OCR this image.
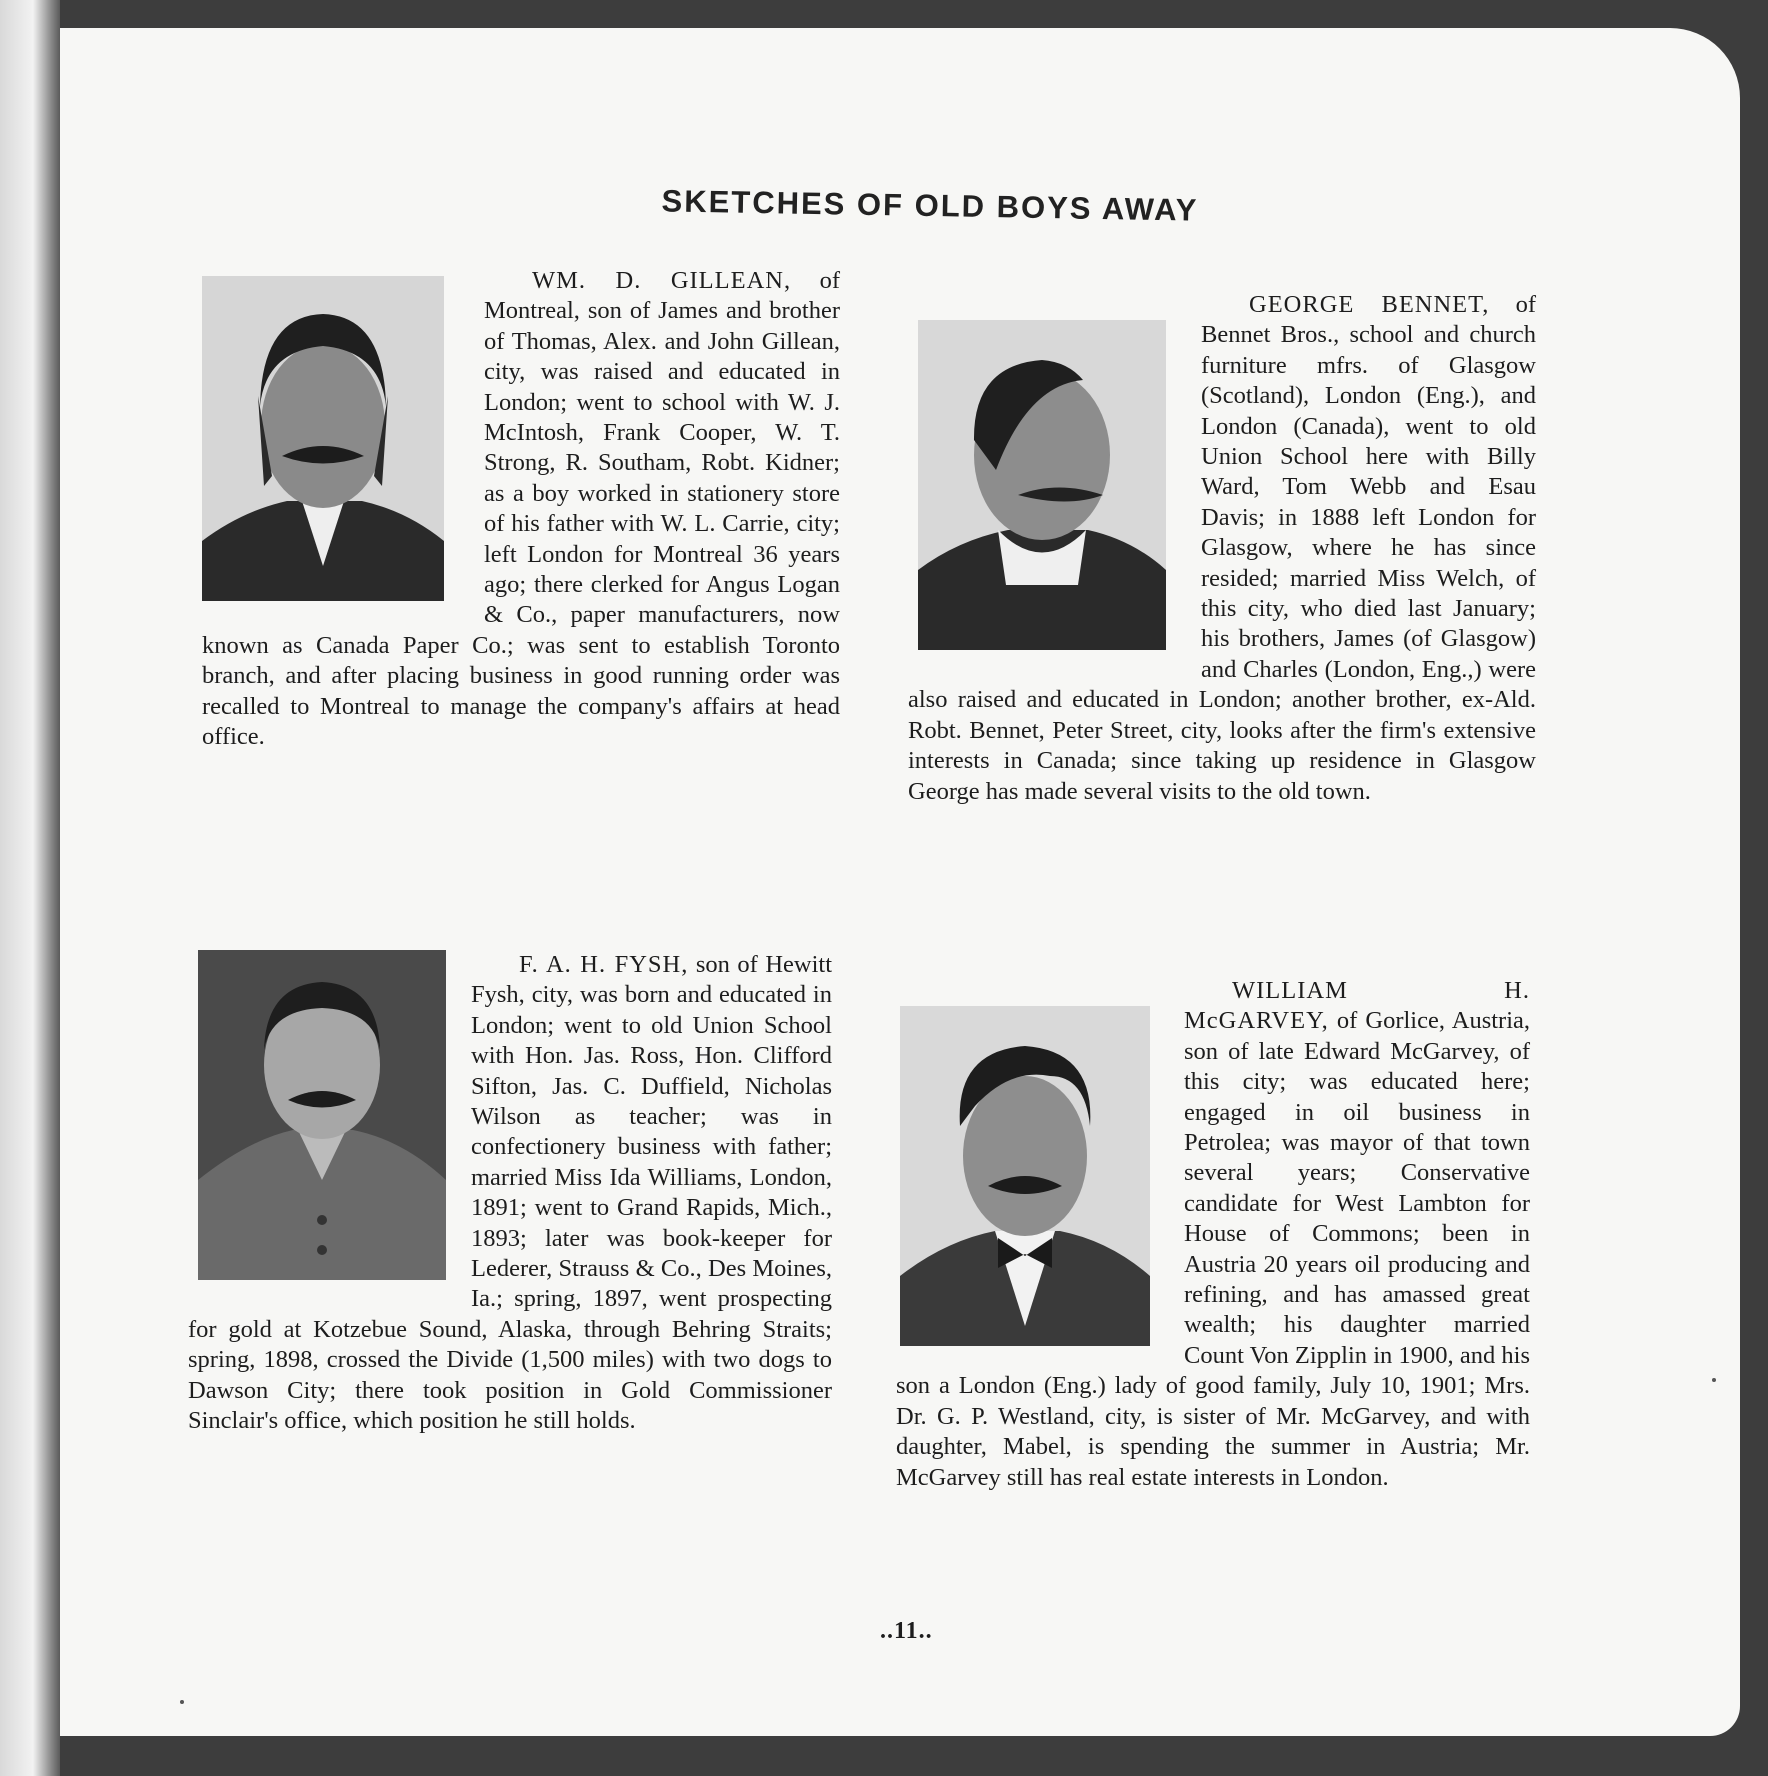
SKETCHES OF OLD BOYS AWAY
WM. D. GILLEAN, of Montreal, son of James and brother of Thomas, Alex. and John Gillean, city, was raised and educated in London; went to school with W. J. McIntosh, Frank Cooper, W. T. Strong, R. Southam, Robt. Kidner; as a boy worked in stationery store of his father with W. L. Carrie, city; left London for Montreal 36 years ago; there clerked for Angus Logan & Co., paper manufacturers, now known as Canada Paper Co.; was sent to establish Toronto branch, and after placing business in good running order was recalled to Montreal to manage the company's affairs at head office.
GEORGE BENNET, of Bennet Bros., school and church furniture mfrs. of Glasgow (Scotland), London (Eng.), and London (Canada), went to old Union School here with Billy Ward, Tom Webb and Esau Davis; in 1888 left London for Glasgow, where he has since resided; married Miss Welch, of this city, who died last January; his brothers, James (of Glasgow) and Charles (London, Eng.,) were also raised and educated in London; another brother, ex-Ald. Robt. Bennet, Peter Street, city, looks after the firm's extensive interests in Canada; since taking up residence in Glasgow George has made several visits to the old town.
F. A. H. FYSH, son of Hewitt Fysh, city, was born and educated in London; went to old Union School with Hon. Jas. Ross, Hon. Clifford Sifton, Jas. C. Duffield, Nicholas Wilson as teacher; was in confectionery business with father; married Miss Ida Williams, London, 1891; went to Grand Rapids, Mich., 1893; later was book-keeper for Lederer, Strauss & Co., Des Moines, Ia.; spring, 1897, went prospecting for gold at Kotzebue Sound, Alaska, through Behring Straits; spring, 1898, crossed the Divide (1,500 miles) with two dogs to Dawson City; there took position in Gold Commissioner Sinclair's office, which position he still holds.
WILLIAM H. McGARVEY, of Gorlice, Austria, son of late Edward McGarvey, of this city; was educated here; engaged in oil business in Petrolea; was mayor of that town several years; Conservative candidate for West Lambton for House of Commons; been in Austria 20 years oil producing and refining, and has amassed great wealth; his daughter married Count Von Zipplin in 1900, and his son a London (Eng.) lady of good family, July 10, 1901; Mrs. Dr. G. P. Westland, city, is sister of Mr. McGarvey, and with daughter, Mabel, is spending the summer in Austria; Mr. McGarvey still has real estate interests in London.
..11..
